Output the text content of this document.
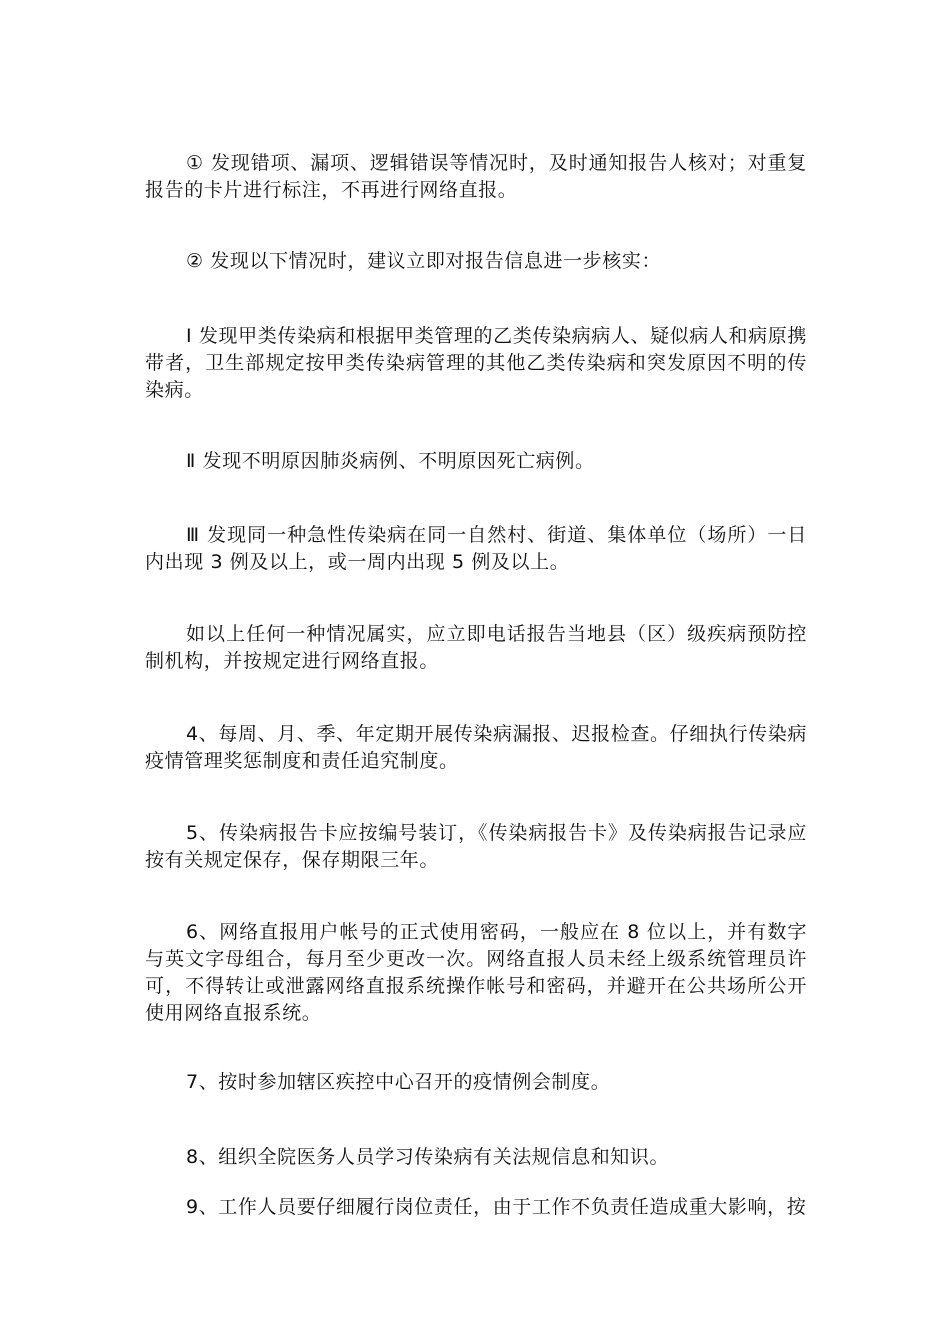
① 发现错项、漏项、逻辑错误等情况时，及时通知报告人核对；对重复报告的卡片进行标注，不再进行网络直报。

② 发现以下情况时，建议立即对报告信息进一步核实：

Ⅰ 发现甲类传染病和根据甲类管理的乙类传染病病人、疑似病人和病原携带者，卫生部规定按甲类传染病管理的其他乙类传染病和突发原因不明的传染病。

Ⅱ 发现不明原因肺炎病例、不明原因死亡病例。

Ⅲ 发现同一种急性传染病在同一自然村、街道、集体单位（场所）一日内出现 3 例及以上，或一周内出现 5 例及以上。

如以上任何一种情况属实，应立即电话报告当地县（区）级疾病预防控制机构，并按规定进行网络直报。

4、每周、月、季、年定期开展传染病漏报、迟报检查。仔细执行传染病疫情管理奖惩制度和责任追究制度。

5、传染病报告卡应按编号装订，《传染病报告卡》及传染病报告记录应按有关规定保存，保存期限三年。

6、网络直报用户帐号的正式使用密码，一般应在 8 位以上，并有数字与英文字母组合，每月至少更改一次。网络直报人员未经上级系统管理员许可，不得转让或泄露网络直报系统操作帐号和密码，并避开在公共场所公开使用网络直报系统。

7、按时参加辖区疾控中心召开的疫情例会制度。

8、组织全院医务人员学习传染病有关法规信息和知识。

9、工作人员要仔细履行岗位责任，由于工作不负责任造成重大影响，按
